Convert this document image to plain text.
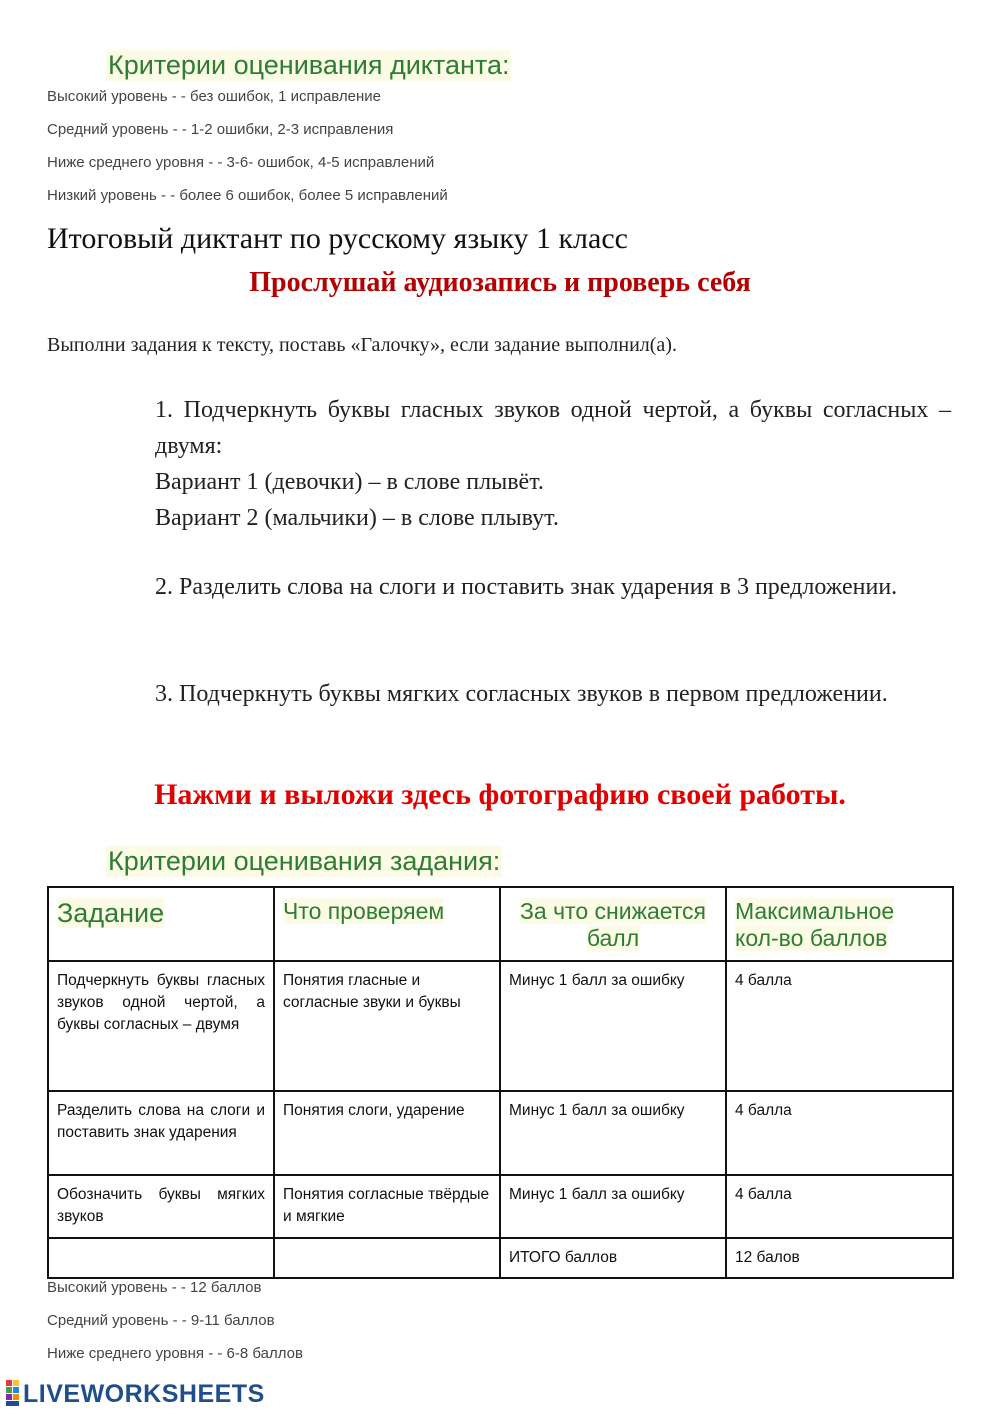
Критерии оценивания диктанта:
Высокий уровень - - без ошибок, 1 исправление
Средний уровень - - 1-2 ошибки, 2-3 исправления
Ниже среднего уровня - - 3-6- ошибок, 4-5 исправлений
Низкий уровень - - более 6 ошибок, более 5 исправлений
Итоговый диктант по русскому языку 1 класс
Прослушай аудиозапись и проверь себя
Выполни задания к тексту, поставь «Галочку», если задание выполнил(а).

1. Подчеркнуть буквы гласных звуков одной чертой, а буквы согласных – двумя:

Вариант 1 (девочки) – в слове плывёт.

Вариант 2 (мальчики) – в слове плывут.

2. Разделить слова на слоги и поставить знак ударения в 3 предложении.

3. Подчеркнуть буквы мягких согласных звуков в первом предложении.

Нажми и выложи здесь фотографию своей работы.
Критерии оценивания задания:
Задание	Что проверяем	За что снижается балл	Максимальное кол-во баллов
Подчеркнуть буквы гласных звуков одной чертой, а буквы согласных – двумя	Понятия гласные и согласные звуки и буквы	Минус 1 балл за ошибку	4 балла
Разделить слова на слоги и поставить знак ударения	Понятия слоги, ударение	Минус 1 балл за ошибку	4 балла
Обозначить буквы мягких звуков	Понятия согласные твёрдые и мягкие	Минус 1 балл за ошибку	4 балла
		ИТОГО баллов	12 балов
Высокий уровень - - 12 баллов
Средний уровень - - 9-11 баллов
Ниже среднего уровня - - 6-8 баллов
LIVEWORKSHEETS
